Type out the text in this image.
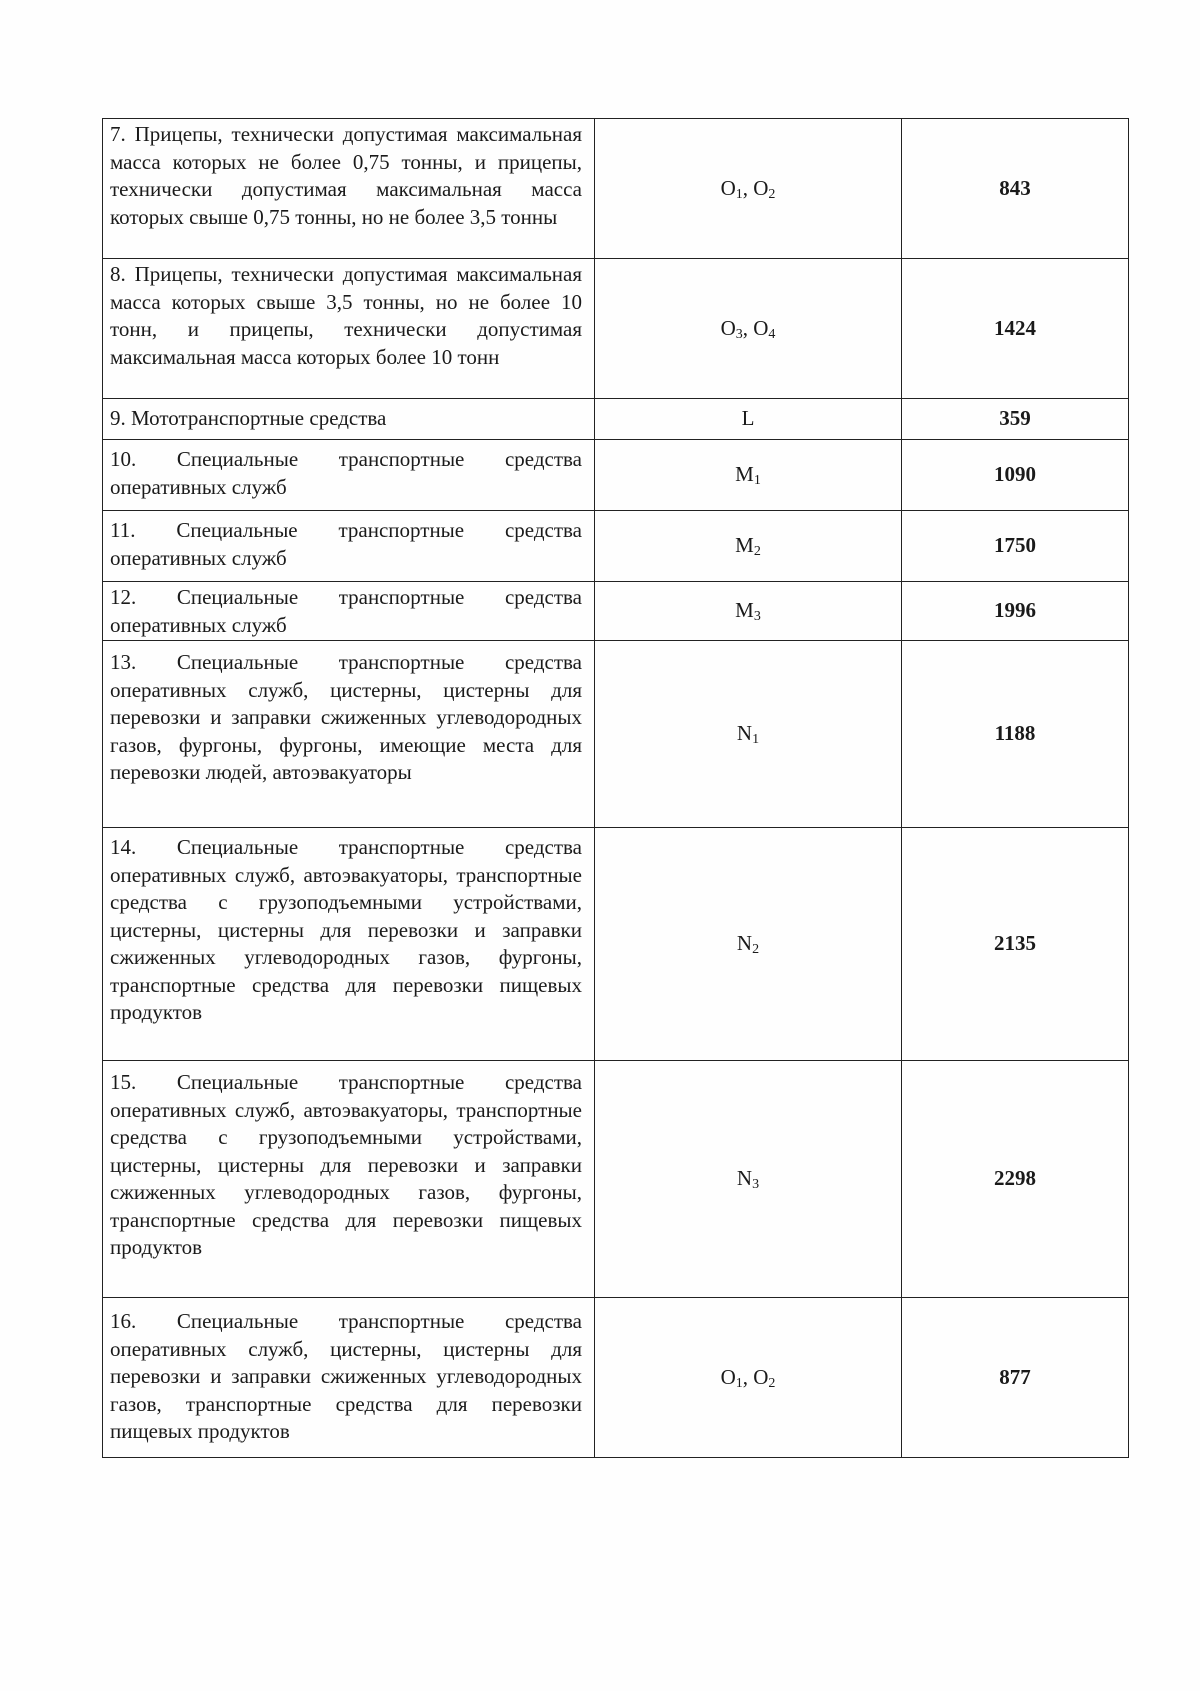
7. Прицепы, технически допустимая максимальная масса которых не более 0,75 тонны, и прицепы, технически допустимая максимальная масса которых свыше 0,75 тонны, но не более 3,5 тонны	$O_1$, $O_2$	843
8. Прицепы, технически допустимая максимальная масса которых свыше 3,5 тонны, но не более 10 тонн, и прицепы, технически допустимая максимальная масса которых более 10 тонн	$O_3$, $O_4$	1424
9. Мототранспортные средства	L	359
10. Специальные транспортные средства оперативных служб	$M_1$	1090
11. Специальные транспортные средства оперативных служб	$M_2$	1750
12. Специальные транспортные средства оперативных служб	$M_3$	1996
13. Специальные транспортные средства оперативных служб, цистерны, цистерны для перевозки и заправки сжиженных углеводородных газов, фургоны, фургоны, имеющие места для перевозки людей, автоэвакуаторы	$N_1$	1188
14. Специальные транспортные средства оперативных служб, автоэвакуаторы, транспортные средства с грузоподъемными устройствами, цистерны, цистерны для перевозки и заправки сжиженных углеводородных газов, фургоны, транспортные средства для перевозки пищевых продуктов	$N_2$	2135
15. Специальные транспортные средства оперативных служб, автоэвакуаторы, транспортные средства с грузоподъемными устройствами, цистерны, цистерны для перевозки и заправки сжиженных углеводородных газов, фургоны, транспортные средства для перевозки пищевых продуктов	$N_3$	2298
16. Специальные транспортные средства оперативных служб, цистерны, цистерны для перевозки и заправки сжиженных углеводородных газов, транспортные средства для перевозки пищевых продуктов	$O_1$, $O_2$	877
